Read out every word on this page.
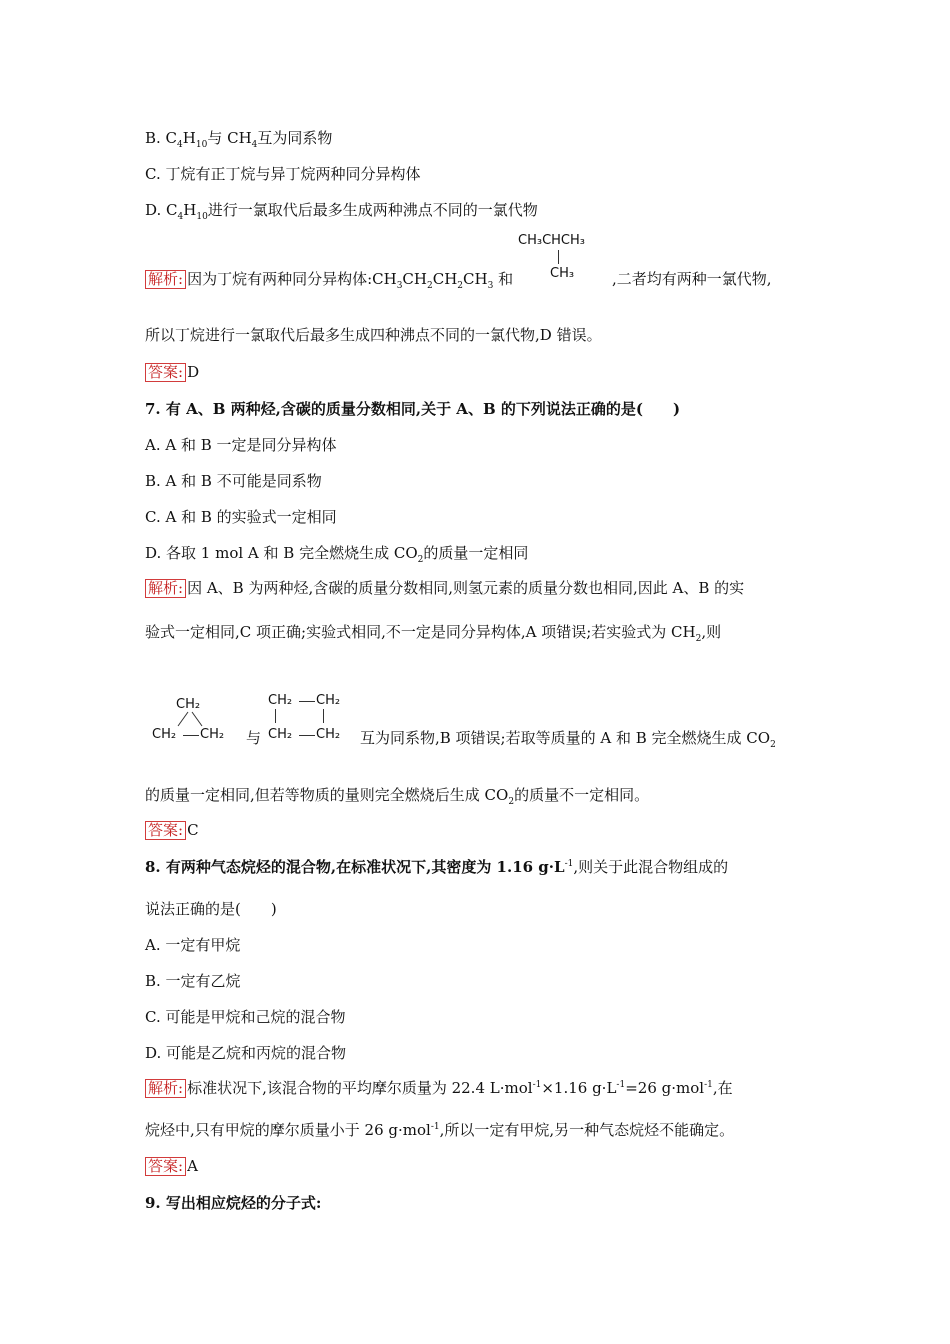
B. $C_4H_{10}$与 $CH_4$互为同系物
C. 丁烷有正丁烷与异丁烷两种同分异构体
D. $C_4H_{10}$进行一氯取代后最多生成两种沸点不同的一氯代物
CH₃CHCH₃
CH₃
解析: 因为丁烷有两种同分异构体$:CH_3CH_2CH_2CH_3$ 和	,二者均有两种一氯代物,
所以丁烷进行一氯取代后最多生成四种沸点不同的一氯代物,D 错误。
答案: D
7. 有 A、B 两种烃,含碳的质量分数相同,关于 A、B 的下列说法正确的是(　　)
A. A 和 B 一定是同分异构体
B. A 和 B 不可能是同系物
C. A 和 B 的实验式一定相同
D. 各取 1 mol A 和 B 完全燃烧生成 $CO_2$的质量一定相同
解析: 因 A、B 为两种烃,含碳的质量分数相同,则氢元素的质量分数也相同,因此 A、B 的实
验式一定相同,C 项正确;实验式相同,不一定是同分异构体,A 项错误;若实验式为 $CH_2$,则
CH₂
CH₂ CH₂ 与
CH₂ CH₂
CH₂ CH₂ 互为同系物,B 项错误;若取等质量的 A 和 B 完全燃烧生成 $CO_2$
的质量一定相同,但若等物质的量则完全燃烧后生成 $CO_2$的质量不一定相同。
答案: C
8. 有两种气态烷烃的混合物,在标准状况下,其密度为 1.16 $g\cdot L^{-1}$,则关于此混合物组成的
说法正确的是(　　)
A. 一定有甲烷
B. 一定有乙烷
C. 可能是甲烷和己烷的混合物
D. 可能是乙烷和丙烷的混合物
解析: 标准状况下,该混合物的平均摩尔质量为 22.4 L·mol$^{-1}$×1.16 $g\cdot L^{-1}=26$ g·mol$^{-1}$,在
烷烃中,只有甲烷的摩尔质量小于 26 g·mol$^{-1}$,所以一定有甲烷,另一种气态烷烃不能确定。
答案: A
9. 写出相应烷烃的分子式:
